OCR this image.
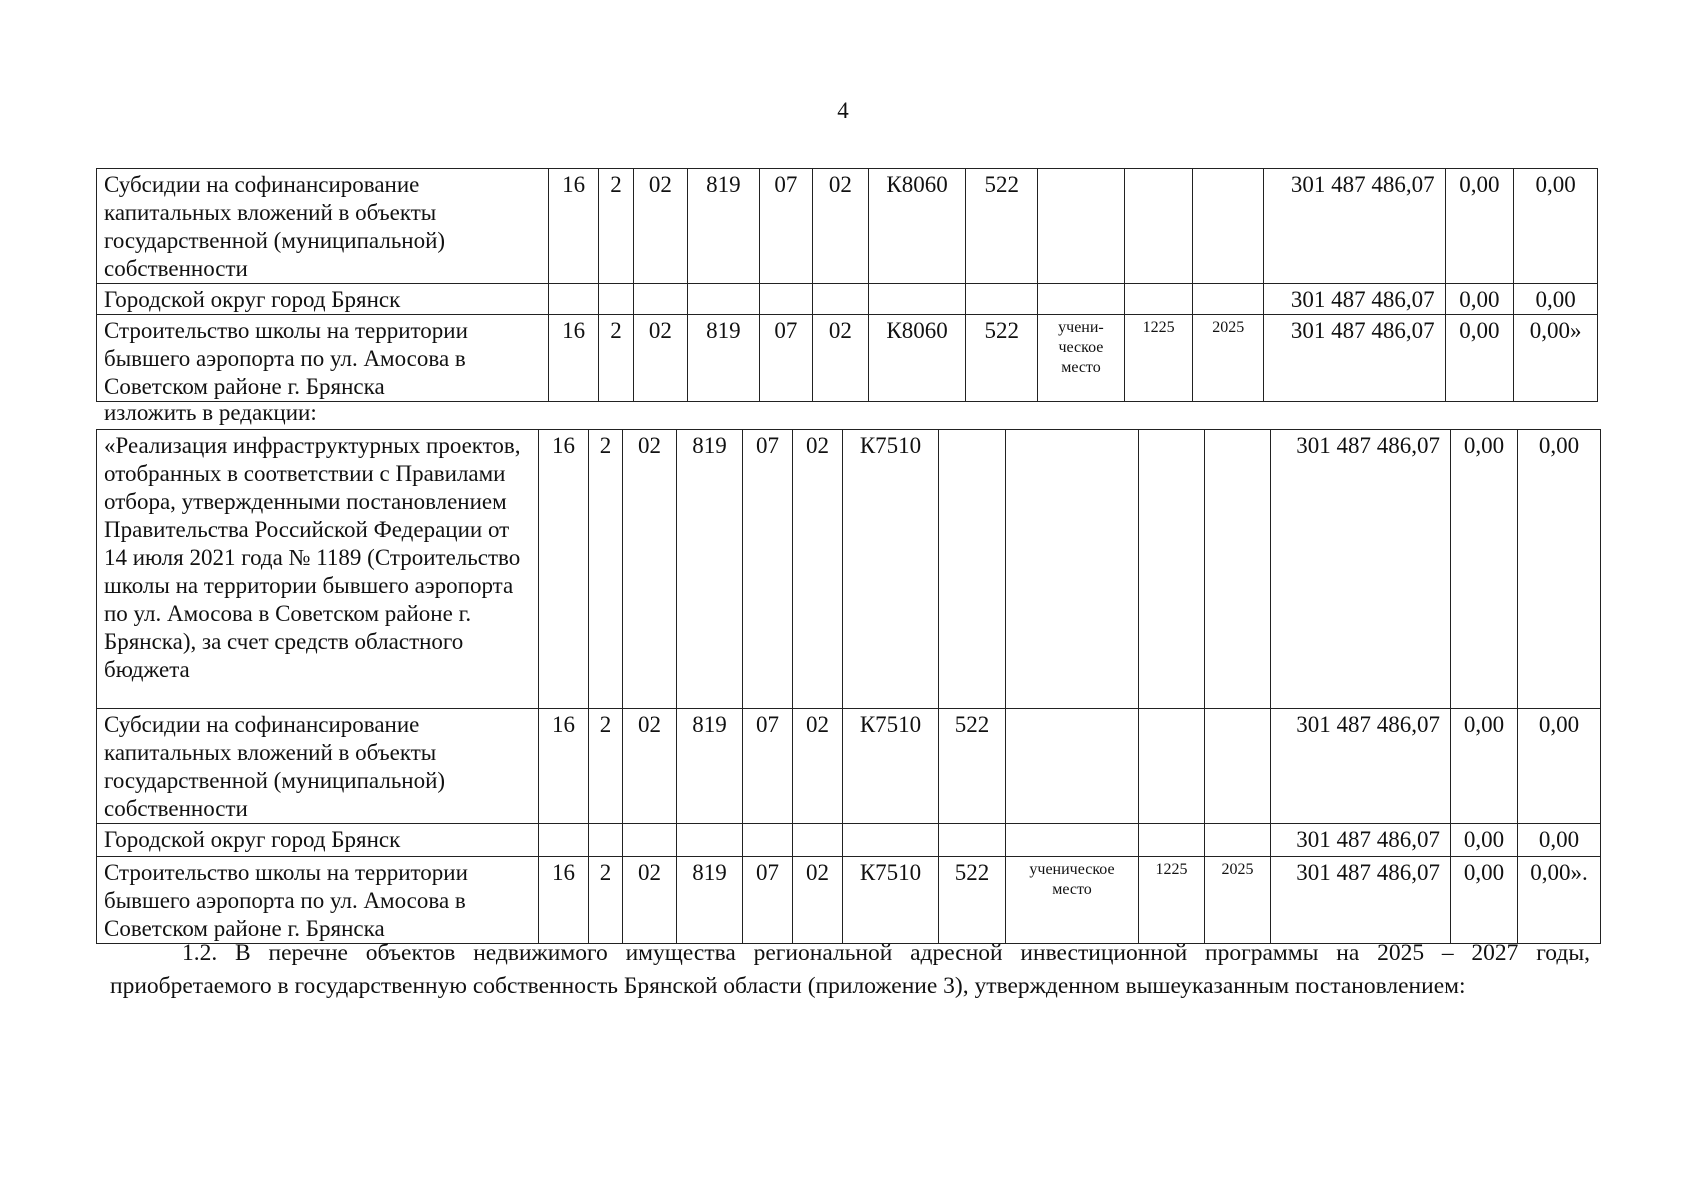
4
Субсидии на софинансирование капитальных вложений в объекты государственной (муниципальной) собственности	16	2	02	819	07	02	К8060	522				301 487 486,07	0,00	0,00
Городской округ город Брянск												301 487 486,07	0,00	0,00
Строительство школы на территории бывшего аэропорта по ул. Амосова в Советском районе г. Брянска	16	2	02	819	07	02	К8060	522	учени-ческое место	1225	2025	301 487 486,07	0,00	0,00»
изложить в редакции:
«Реализация инфраструктурных проектов, отобранных в соответствии с Правилами отбора, утвержденными постановлением Правительства Российской Федерации от 14 июля 2021 года № 1189 (Строительство школы на территории бывшего аэропорта по ул. Амосова в Советском районе г. Брянска), за счет средств областного бюджета	16	2	02	819	07	02	К7510					301 487 486,07	0,00	0,00
Субсидии на софинансирование капитальных вложений в объекты государственной (муниципальной) собственности	16	2	02	819	07	02	К7510	522				301 487 486,07	0,00	0,00
Городской округ город Брянск												301 487 486,07	0,00	0,00
Строительство школы на территории бывшего аэропорта по ул. Амосова в Советском районе г. Брянска	16	2	02	819	07	02	К7510	522	ученическое место	1225	2025	301 487 486,07	0,00	0,00».
1.2. В перечне объектов недвижимого имущества региональной адресной инвестиционной программы на 2025 – 2027 годы, приобретаемого в государственную собственность Брянской области (приложение 3), утвержденном вышеуказанным постановлением:
